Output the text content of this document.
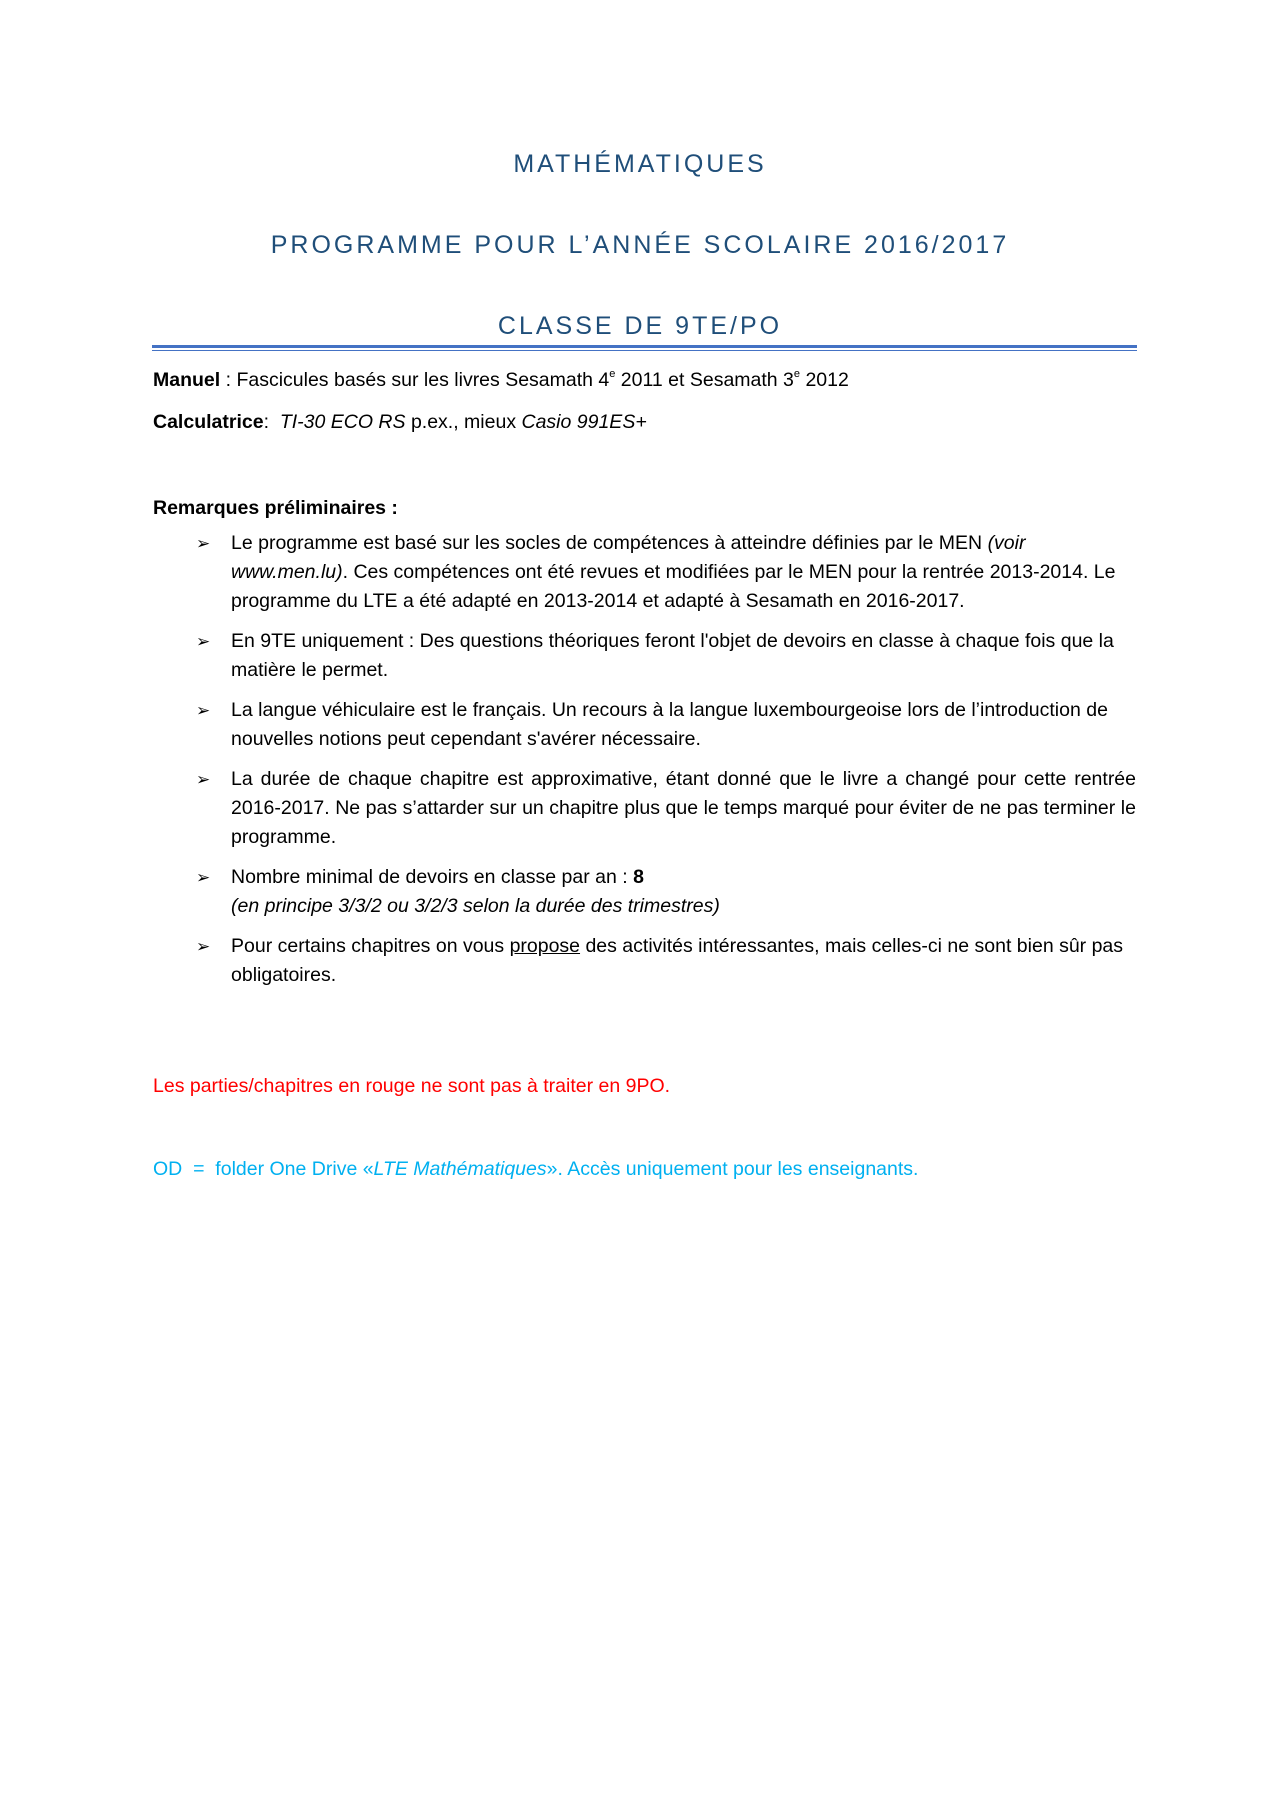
MATHÉMATIQUES
PROGRAMME POUR L’ANNÉE SCOLAIRE 2016/2017
CLASSE DE 9TE/PO
Manuel : Fascicules basés sur les livres Sesamath 4e 2011 et Sesamath 3e 2012
Calculatrice:  TI-30 ECO RS p.ex., mieux Casio 991ES+
Remarques préliminaires :
➢ Le programme est basé sur les socles de compétences à atteindre définies par le MEN (voir www.men.lu). Ces compétences ont été revues et modifiées par le MEN pour la rentrée 2013-2014. Le programme du LTE a été adapté en 2013-2014 et adapté à Sesamath en 2016-2017.
➢ En 9TE uniquement : Des questions théoriques feront l'objet de devoirs en classe à chaque fois que la matière le permet.
➢ La langue véhiculaire est le français. Un recours à la langue luxembourgeoise lors de l’introduction de nouvelles notions peut cependant s'avérer nécessaire.
➢ La durée de chaque chapitre est approximative, étant donné que le livre a changé pour cette rentrée 2016-2017. Ne pas s’attarder sur un chapitre plus que le temps marqué pour éviter de ne pas terminer le programme.
➢ Nombre minimal de devoirs en classe par an : 8
(en principe 3/3/2 ou 3/2/3 selon la durée des trimestres)
➢ Pour certains chapitres on vous propose des activités intéressantes, mais celles-ci ne sont bien sûr pas obligatoires.
Les parties/chapitres en rouge ne sont pas à traiter en 9PO.
OD  =  folder One Drive «LTE Mathématiques». Accès uniquement pour les enseignants.
